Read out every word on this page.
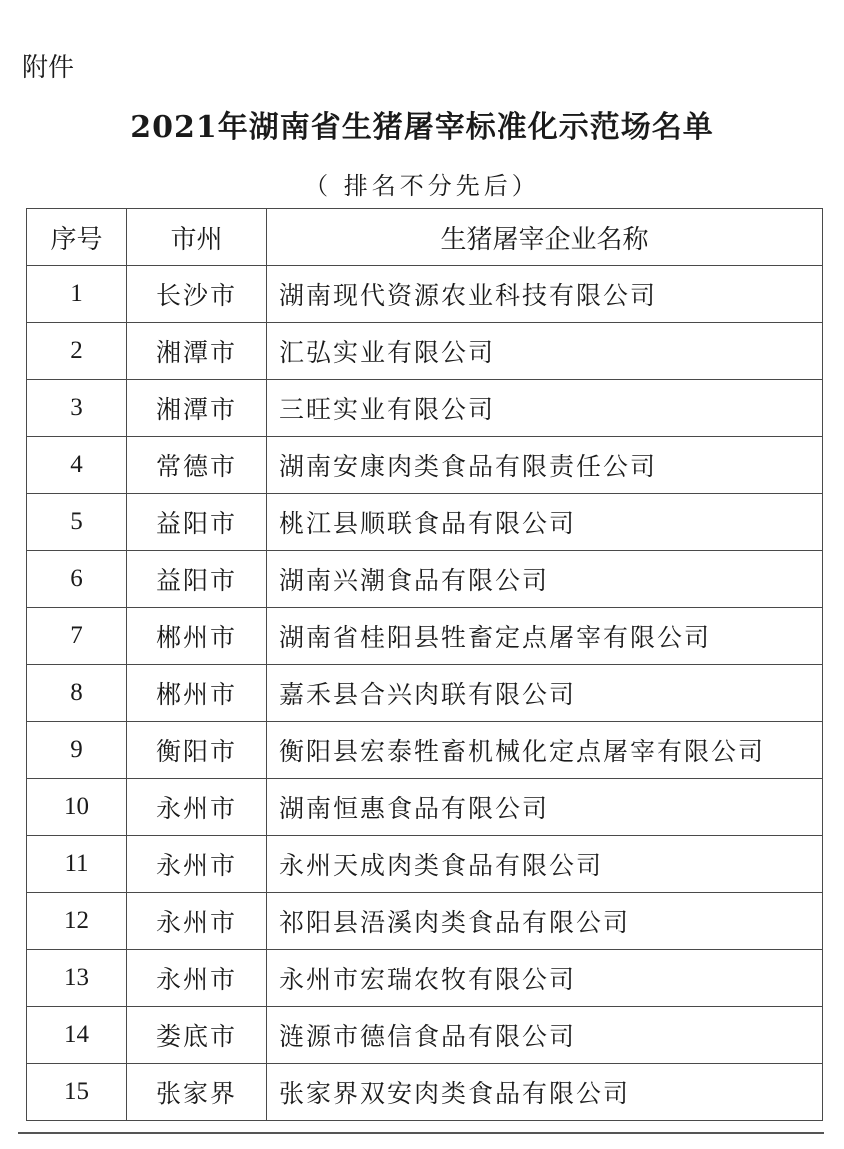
附件
2021年湖南省生猪屠宰标准化示范场名单
（ 排名不分先后）
序号	市州	生猪屠宰企业名称
1	长沙市	湖南现代资源农业科技有限公司
2	湘潭市	汇弘实业有限公司
3	湘潭市	三旺实业有限公司
4	常德市	湖南安康肉类食品有限责任公司
5	益阳市	桃江县顺联食品有限公司
6	益阳市	湖南兴潮食品有限公司
7	郴州市	湖南省桂阳县牲畜定点屠宰有限公司
8	郴州市	嘉禾县合兴肉联有限公司
9	衡阳市	衡阳县宏泰牲畜机械化定点屠宰有限公司
10	永州市	湖南恒惠食品有限公司
11	永州市	永州天成肉类食品有限公司
12	永州市	祁阳县浯溪肉类食品有限公司
13	永州市	永州市宏瑞农牧有限公司
14	娄底市	涟源市德信食品有限公司
15	张家界	张家界双安肉类食品有限公司
